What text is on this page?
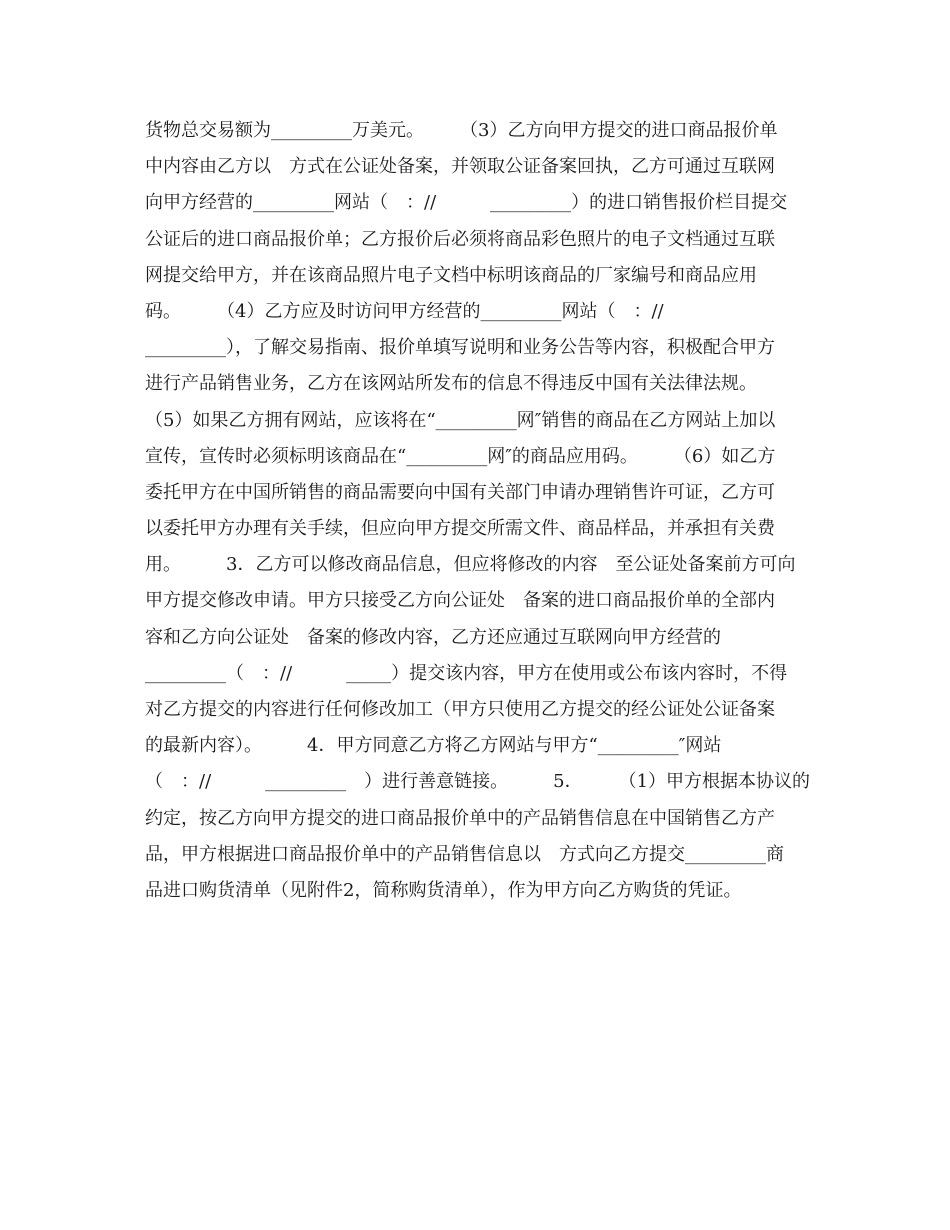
货物总交易额为_________万美元。　　　（3）乙方向甲方提交的进口商品报价单
中内容由乙方以　方式在公证处备案，并领取公证备案回执，乙方可通过互联网
向甲方经营的_________网站（　：//　　　_________）的进口销售报价栏目提交
公证后的进口商品报价单；乙方报价后必须将商品彩色照片的电子文档通过互联
网提交给甲方，并在该商品照片电子文档中标明该商品的厂家编号和商品应用
码。　　　（4）乙方应及时访问甲方经营的_________网站（　：//
_________），了解交易指南、报价单填写说明和业务公告等内容，积极配合甲方
进行产品销售业务，乙方在该网站所发布的信息不得违反中国有关法律法规。
（5）如果乙方拥有网站，应该将在“_________网″销售的商品在乙方网站上加以
宣传，宣传时必须标明该商品在“_________网″的商品应用码。　　　（6）如乙方
委托甲方在中国所销售的商品需要向中国有关部门申请办理销售许可证，乙方可
以委托甲方办理有关手续，但应向甲方提交所需文件、商品样品，并承担有关费
用。　　　3．乙方可以修改商品信息，但应将修改的内容　至公证处备案前方可向
甲方提交修改申请。甲方只接受乙方向公证处　备案的进口商品报价单的全部内
容和乙方向公证处　备案的修改内容，乙方还应通过互联网向甲方经营的
_________（　：//　　　_____）提交该内容，甲方在使用或公布该内容时，不得
对乙方提交的内容进行任何修改加工（甲方只使用乙方提交的经公证处公证备案
的最新内容）。　　　4．甲方同意乙方将乙方网站与甲方“_________″网站
（　：//　　　_________　）进行善意链接。　　　5．　　　（1）甲方根据本协议的
约定，按乙方向甲方提交的进口商品报价单中的产品销售信息在中国销售乙方产
品，甲方根据进口商品报价单中的产品销售信息以　方式向乙方提交_________商
品进口购货清单（见附件2，简称购货清单），作为甲方向乙方购货的凭证。
